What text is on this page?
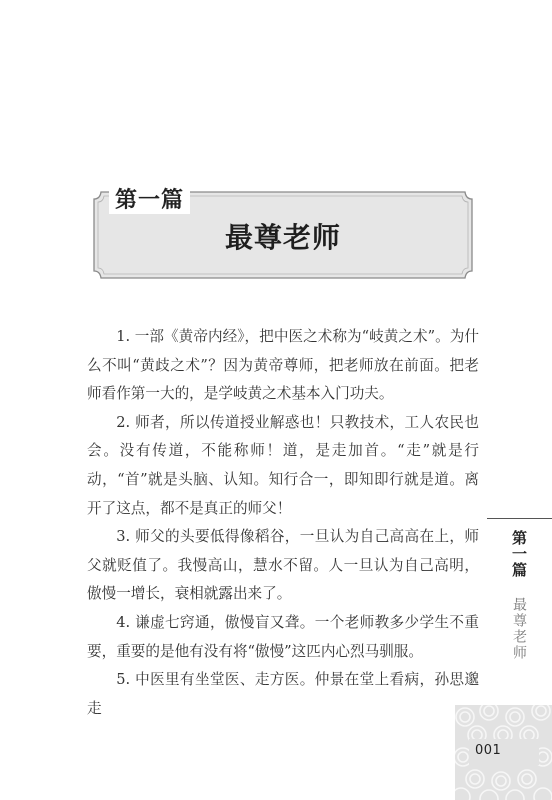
第一篇
最尊老师

1. 一部《黄帝内经》，把中医之术称为“岐黄之术”。为什么不叫“黄歧之术”？因为黄帝尊师，把老师放在前面。把老师看作第一大的，是学岐黄之术基本入门功夫。

2. 师者，所以传道授业解惑也！只教技术，工人农民也会。没有传道，不能称师！道，是走加首。“走”就是行动，“首”就是头脑、认知。知行合一，即知即行就是道。离开了这点，都不是真正的师父！

3. 师父的头要低得像稻谷，一旦认为自己高高在上，师父就贬值了。我慢高山，慧水不留。人一旦认为自己高明，傲慢一增长，衰相就露出来了。

4. 谦虚七窍通，傲慢盲又聋。一个老师教多少学生不重要，重要的是他有没有将“傲慢”这匹内心烈马驯服。

5. 中医里有坐堂医、走方医。仲景在堂上看病，孙思邈走

第一篇 最尊老师
001
